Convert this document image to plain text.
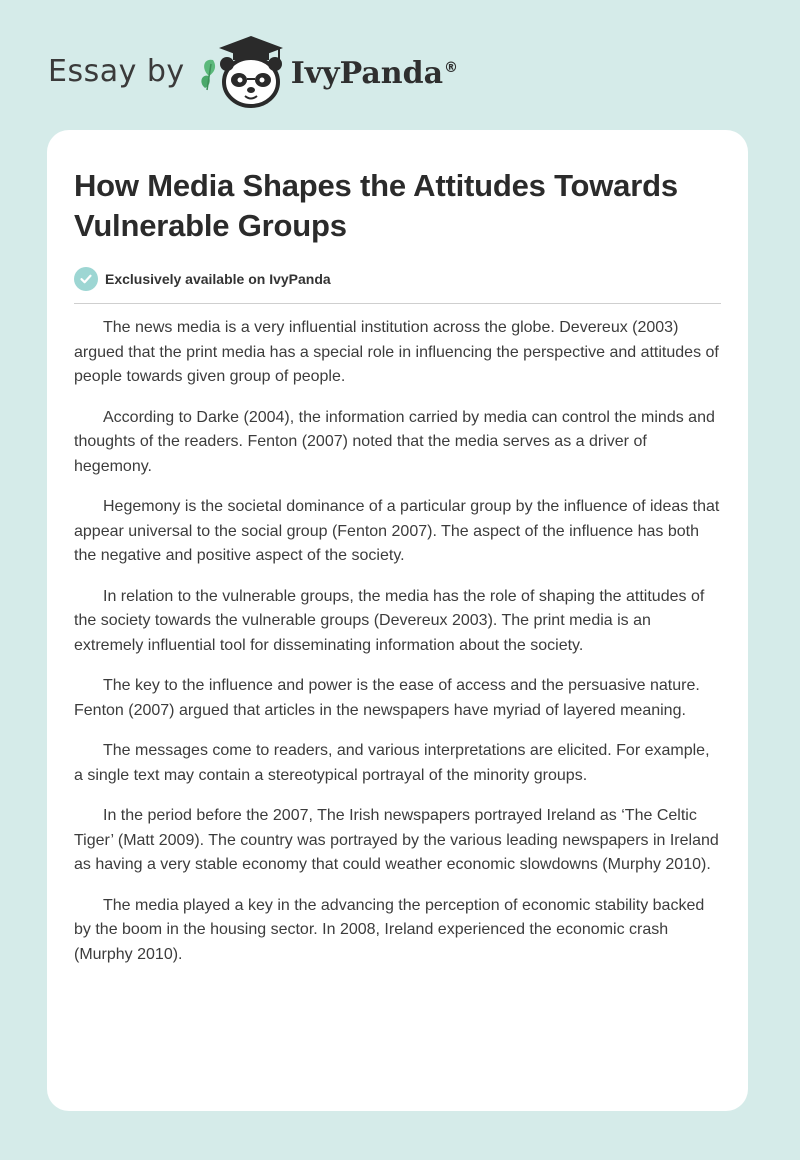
Essay by	IvyPanda®
How Media Shapes the Attitudes Towards Vulnerable Groups
Exclusively available on IvyPanda

The news media is a very influential institution across the globe. Devereux (2003) argued that the print media has a special role in influencing the perspective and attitudes of people towards given group of people.

According to Darke (2004), the information carried by media can control the minds and thoughts of the readers. Fenton (2007) noted that the media serves as a driver of hegemony.

Hegemony is the societal dominance of a particular group by the influence of ideas that appear universal to the social group (Fenton 2007). The aspect of the influence has both the negative and positive aspect of the society.

In relation to the vulnerable groups, the media has the role of shaping the attitudes of the society towards the vulnerable groups (Devereux 2003). The print media is an extremely influential tool for disseminating information about the society.

The key to the influence and power is the ease of access and the persuasive nature. Fenton (2007) argued that articles in the newspapers have myriad of layered meaning.

The messages come to readers, and various interpretations are elicited. For example, a single text may contain a stereotypical portrayal of the minority groups.

In the period before the 2007, The Irish newspapers portrayed Ireland as ‘The Celtic Tiger’ (Matt 2009). The country was portrayed by the various leading newspapers in Ireland as having a very stable economy that could weather economic slowdowns (Murphy 2010).

The media played a key in the advancing the perception of economic stability backed by the boom in the housing sector. In 2008, Ireland experienced the economic crash (Murphy 2010).
